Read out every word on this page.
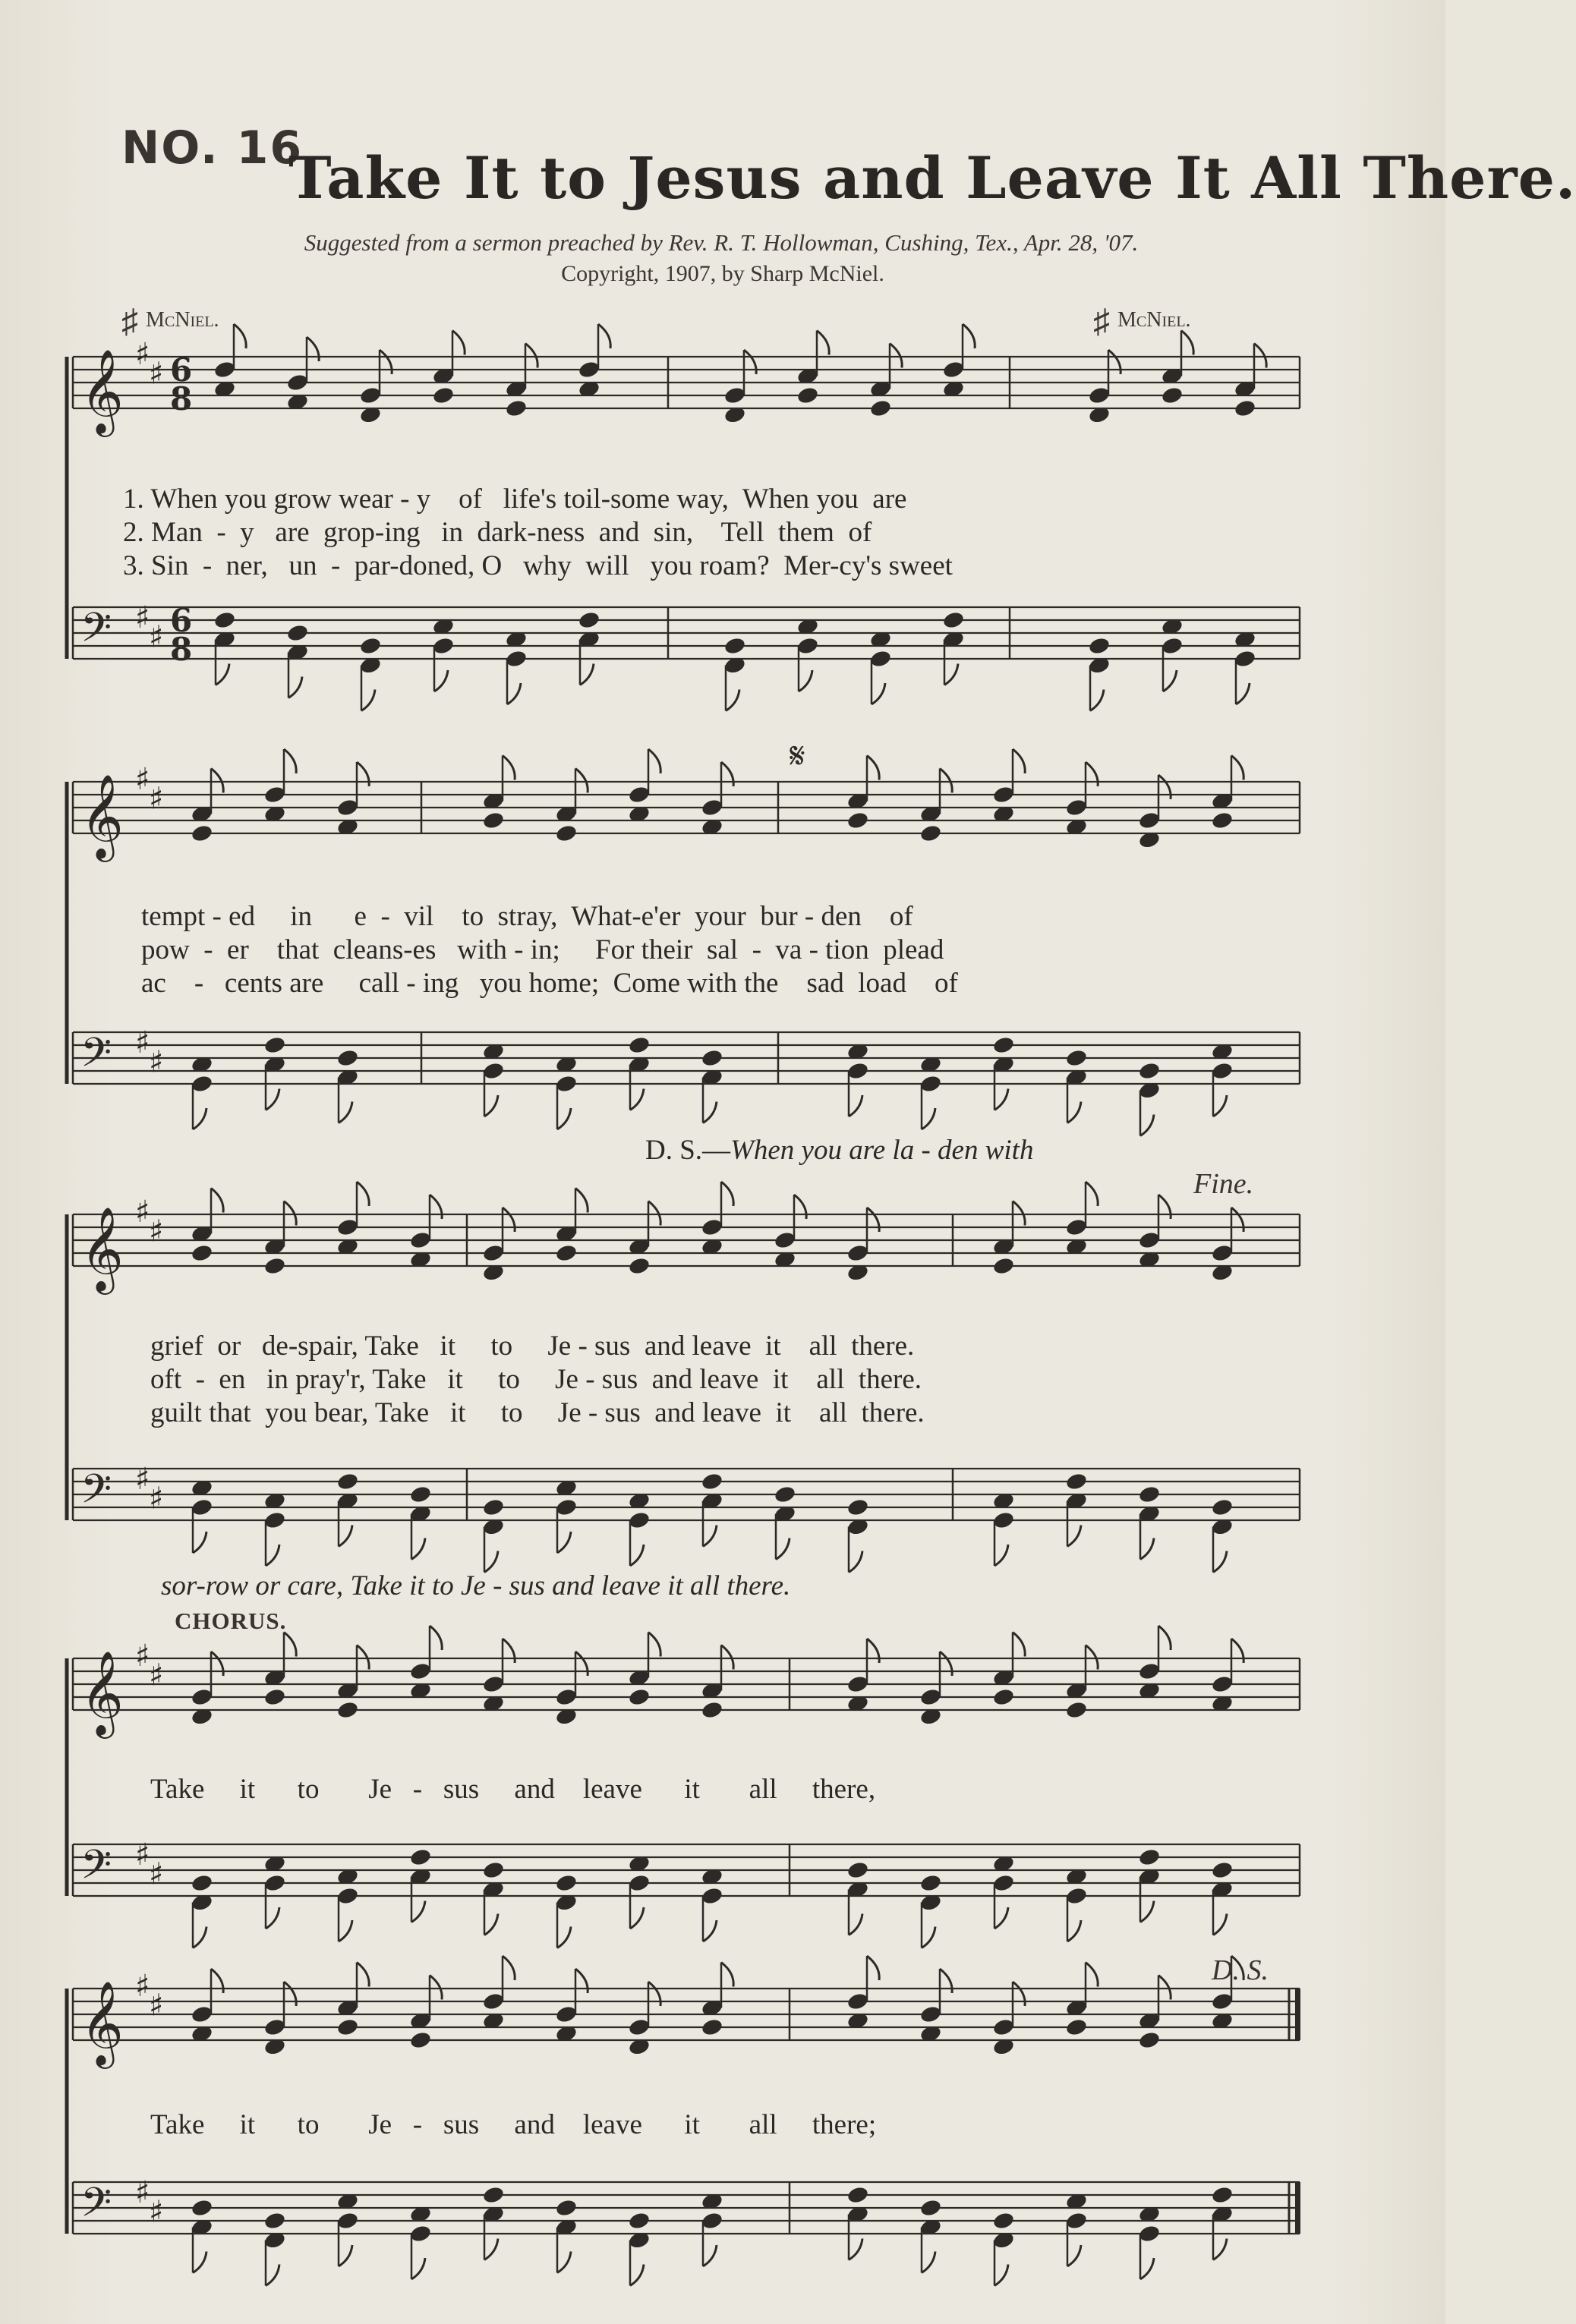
NO. 16
Take It to Jesus and Leave It All There.
Suggested from a sermon preached by Rev. R. T. Hollowman, Cushing, Tex., Apr. 28, '07.
Copyright, 1907, by Sharp McNiel.
♯ McNiel.	♯ McNiel.
𝄞 ♯
♯ 6
8
𝄢 ♯
♯ 6
8
𝄞 ♯
♯
𝄢 ♯
♯
𝄋
𝄞 ♯
♯
𝄢 ♯
♯
𝄞 ♯
♯
𝄢 ♯
♯
𝄞 ♯
♯
𝄢 ♯
♯
1. When you grow wear - y    of   life's toil-some way,  When you  are
2. Man  -  y   are  grop-ing   in  dark-ness  and  sin,    Tell  them  of
3. Sin  -  ner,   un  -  par-doned, O   why  will   you roam?  Mer-cy's sweet
tempt - ed     in      e  -  vil    to  stray,  What-e'er  your  bur - den    of
pow  -  er    that  cleans-es   with - in;     For their  sal  -  va - tion  plead
ac    -   cents are     call - ing   you home;  Come with the    sad  load    of
D. S.—When you are la - den with
Fine.
grief  or   de-spair, Take   it     to     Je - sus  and leave  it    all  there.
oft  -  en   in pray'r, Take   it     to     Je - sus  and leave  it    all  there.
guilt that  you bear, Take   it     to     Je - sus  and leave  it    all  there.
sor-row or care, Take it to Je - sus and leave it all there.
CHORUS.
Take     it      to       Je   -   sus     and    leave      it       all     there,
D. S.
Take     it      to       Je   -   sus     and    leave      it       all     there;
